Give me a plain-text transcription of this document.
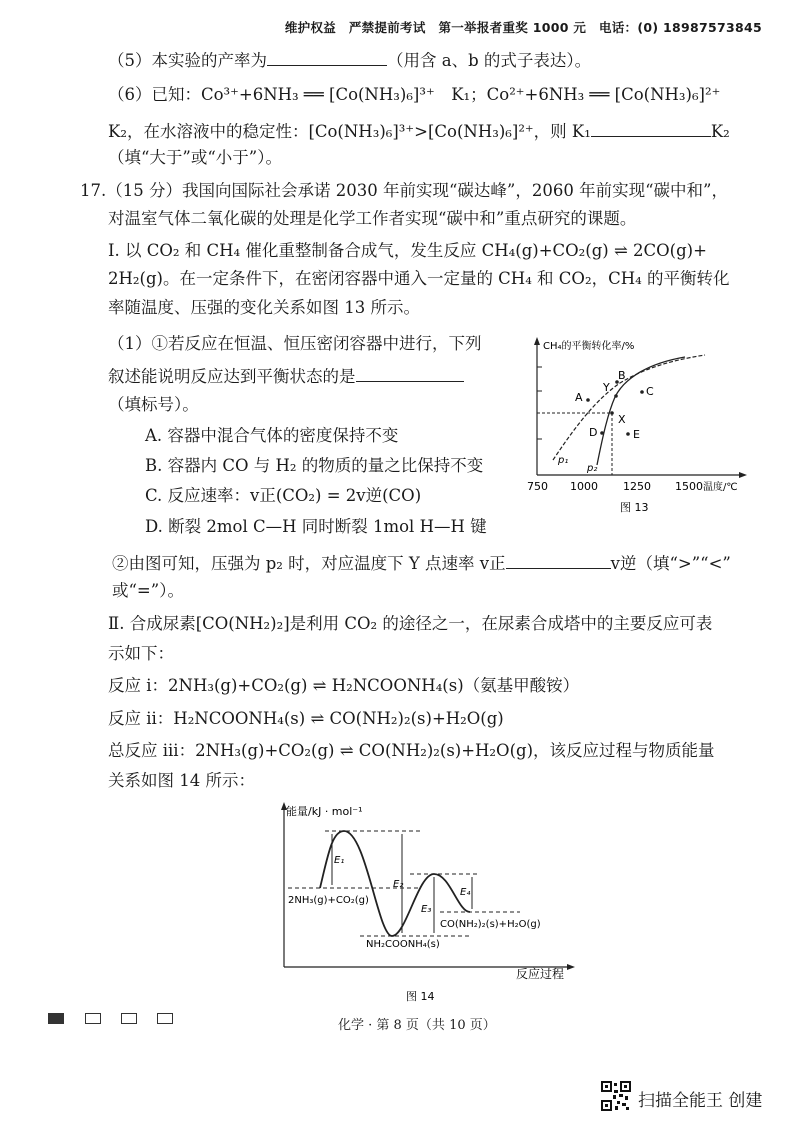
维护权益　严禁提前考试　第一举报者重奖 1000 元　电话：(0) 18987573845
（5）本实验的产率为	（用含 a、b 的式子表达）。
（6）已知：Co³⁺+6NH₃ ══ [Co(NH₃)₆]³⁺　K₁；Co²⁺+6NH₃ ══ [Co(NH₃)₆]²⁺
K₂，在水溶液中的稳定性：[Co(NH₃)₆]³⁺>[Co(NH₃)₆]²⁺，则 K₁	K₂
（填“大于”或“小于”）。
17.（15 分）我国向国际社会承诺 2030 年前实现“碳达峰”，2060 年前实现“碳中和”，
对温室气体二氧化碳的处理是化学工作者实现“碳中和”重点研究的课题。
Ⅰ. 以 CO₂ 和 CH₄ 催化重整制备合成气，发生反应 CH₄(g)+CO₂(g) ⇌ 2CO(g)+
2H₂(g)。在一定条件下，在密闭容器中通入一定量的 CH₄ 和 CO₂，CH₄ 的平衡转化
率随温度、压强的变化关系如图 13 所示。
（1）①若反应在恒温、恒压密闭容器中进行，下列
叙述能说明反应达到平衡状态的是
（填标号）。
A. 容器中混合气体的密度保持不变
B. 容器内 CO 与 H₂ 的物质的量之比保持不变
C. 反应速率：v正(CO₂) = 2v逆(CO)
D. 断裂 2mol C—H 同时断裂 1mol H—H 键
②由图可知，压强为 p₂ 时，对应温度下 Y 点速率 v正	v逆（填“>”“<”
或“=”）。
Ⅱ. 合成尿素[CO(NH₂)₂]是利用 CO₂ 的途径之一，在尿素合成塔中的主要反应可表
示如下：
反应 i：2NH₃(g)+CO₂(g) ⇌ H₂NCOONH₄(s)（氨基甲酸铵）
反应 ii：H₂NCOONH₄(s) ⇌ CO(NH₂)₂(s)+H₂O(g)
总反应 iii：2NH₃(g)+CO₂(g) ⇌ CO(NH₂)₂(s)+H₂O(g)，该反应过程与物质能量
关系如图 14 所示：
CH₄的平衡转化率/%
p₁
p₂
A
B
C
D	E
X
Y
750 1000 1250 1500 温度/℃
图 13
能量/kJ · mol⁻¹
反应过程
E₁
E₂
E₃
E₄
2NH₃(g)+CO₂(g)
NH₂COONH₄(s)
CO(NH₂)₂(s)+H₂O(g)
图 14
化学 · 第 8 页（共 10 页）
扫描全能王 创建
